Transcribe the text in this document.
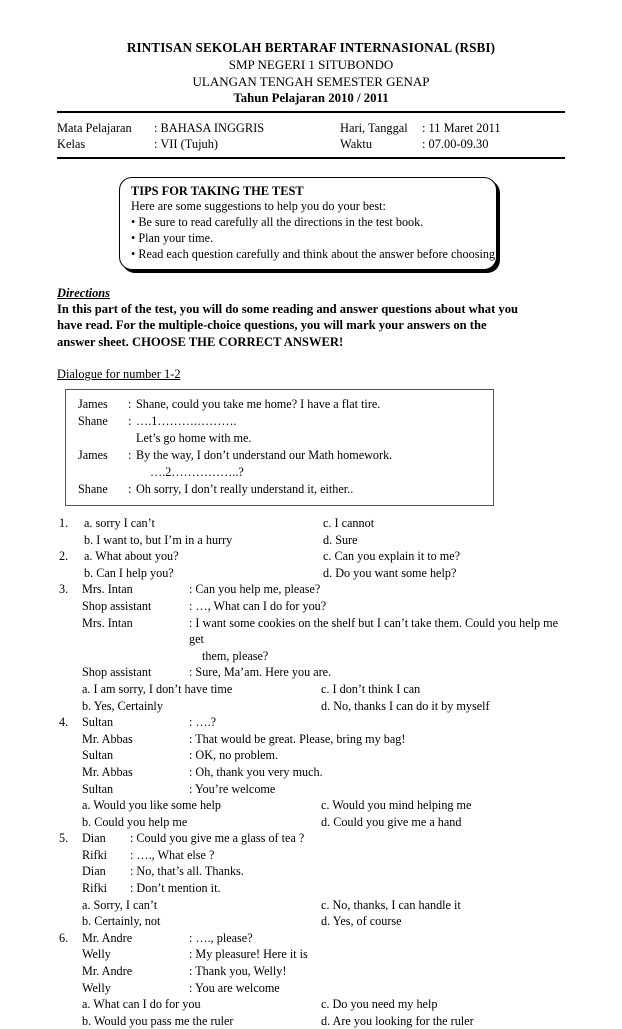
RINTISAN SEKOLAH BERTARAF INTERNASIONAL (RSBI)
SMP NEGERI 1 SITUBONDO
ULANGAN TENGAH SEMESTER GENAP
Tahun Pelajaran 2010 / 2011
Mata Pelajaran	: BAHASA INGGRIS	Hari, Tanggal	: 11 Maret 2011
Kelas	: VII (Tujuh)	Waktu	: 07.00-09.30
TIPS FOR TAKING THE TEST
Here are some suggestions to help you do your best:
• Be sure to read carefully all the directions in the test book.
• Plan your time.
• Read each question carefully and think about the answer before choosing
Directions
In this part of the test, you will do some reading and answer questions about what you have read. For the multiple-choice questions, you will mark your answers on the answer sheet. CHOOSE THE CORRECT ANSWER!
Dialogue for number 1-2
James	: Shane, could you take me home? I have a flat tire.
Shane	: ….1……….……….
Let’s go home with me.
James	: By the way, I don’t understand our Math homework.
….2……………..?
Shane	: Oh sorry, I don’t really understand it, either..
1.	a. sorry I can’t	c. I cannot
b. I want to, but I’m in a hurry	d. Sure
2.	a. What about you?	c. Can you explain it to me?
b. Can I help you?	d. Do you want some help?
3.	Mrs. Intan	: Can you help me, please?
Shop assistant	: …, What can I do for you?
Mrs. Intan	: I want some cookies on the shelf but I can’t take them. Could you help me get
them, please?
Shop assistant	: Sure, Ma’am. Here you are.
a. I am sorry, I don’t have time	c. I don’t think I can
b. Yes, Certainly	d. No, thanks I can do it by myself
4.	Sultan	: ….?
Mr. Abbas	: That would be great. Please, bring my bag!
Sultan	: OK, no problem.
Mr. Abbas	: Oh, thank you very much.
Sultan	: You’re welcome
a. Would you like some help	c. Would you mind helping me
b. Could you help me	d. Could you give me a hand
5.	Dian	: Could you give me a glass of tea ?
Rifki	: …., What else ?
Dian	: No, that’s all. Thanks.
Rifki	: Don’t mention it.
a. Sorry, I can’t	c. No, thanks, I can handle it
b. Certainly, not	d. Yes, of course
6.	Mr. Andre	: …., please?
Welly	: My pleasure! Here it is
Mr. Andre	: Thank you, Welly!
Welly	: You are welcome
a. What can I do for you	c. Do you need my help
b. Would you pass me the ruler	d. Are you looking for the ruler
